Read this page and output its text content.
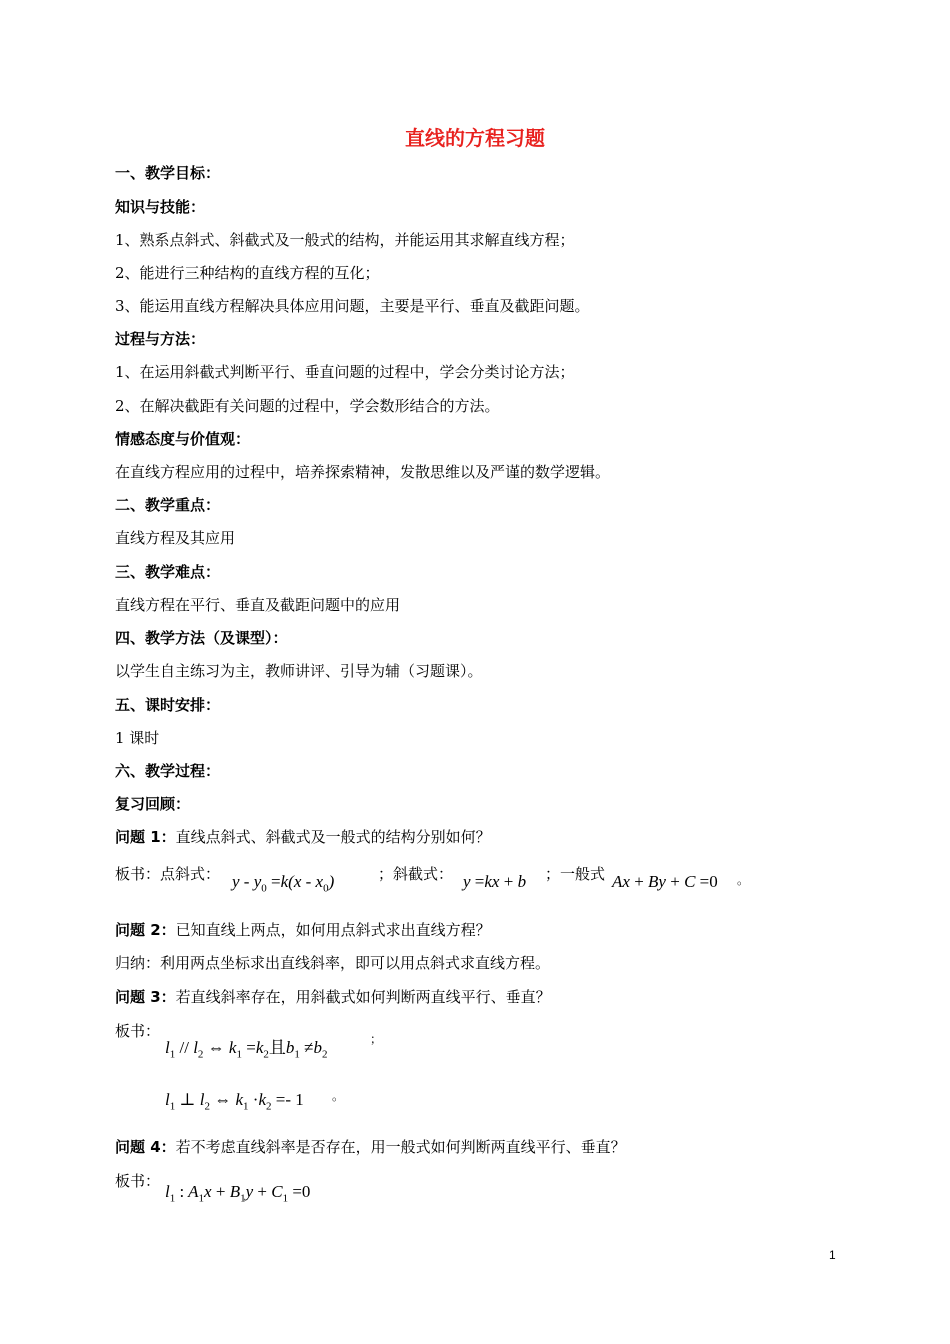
直线的方程习题
一、教学目标：
知识与技能：
1、熟系点斜式、斜截式及一般式的结构，并能运用其求解直线方程；
2、能进行三种结构的直线方程的互化；
3、能运用直线方程解决具体应用问题，主要是平行、垂直及截距问题。
过程与方法：
1、在运用斜截式判断平行、垂直问题的过程中，学会分类讨论方法；
2、在解决截距有关问题的过程中，学会数形结合的方法。
情感态度与价值观：
在直线方程应用的过程中，培养探索精神，发散思维以及严谨的数学逻辑。
二、教学重点：
直线方程及其应用
三、教学难点：
直线方程在平行、垂直及截距问题中的应用
四、教学方法（及课型）：
以学生自主练习为主，教师讲评、引导为辅（习题课）。
五、课时安排：
1 课时
六、教学过程：
复习回顾：
问题 1：直线点斜式、斜截式及一般式的结构分别如何？
板书：点斜式： $y - y_0 =k(x - x_0)$	；斜截式： y =kx + b ；一般式 Ax + By + C =0 。
问题 2：已知直线上两点，如何用点斜式求出直线方程？
归纳：利用两点坐标求出直线斜率，即可以用点斜式求直线方程。
问题 3：若直线斜率存在，用斜截式如何判断两直线平行、垂直？
板书：
$l_1 // l_2$ ⇔ $k_1 =k_2$且$b_1 \ne b_2$
；
$l_1$ ⊥ $l_2$ ⇔ $k_1 \cdot k_2 =- 1$ 。
问题 4：若不考虑直线斜率是否存在，用一般式如何判断两直线平行、垂直？
板书：
$l_1$ : $A_1x + B_1y + C_1 =0$
1
